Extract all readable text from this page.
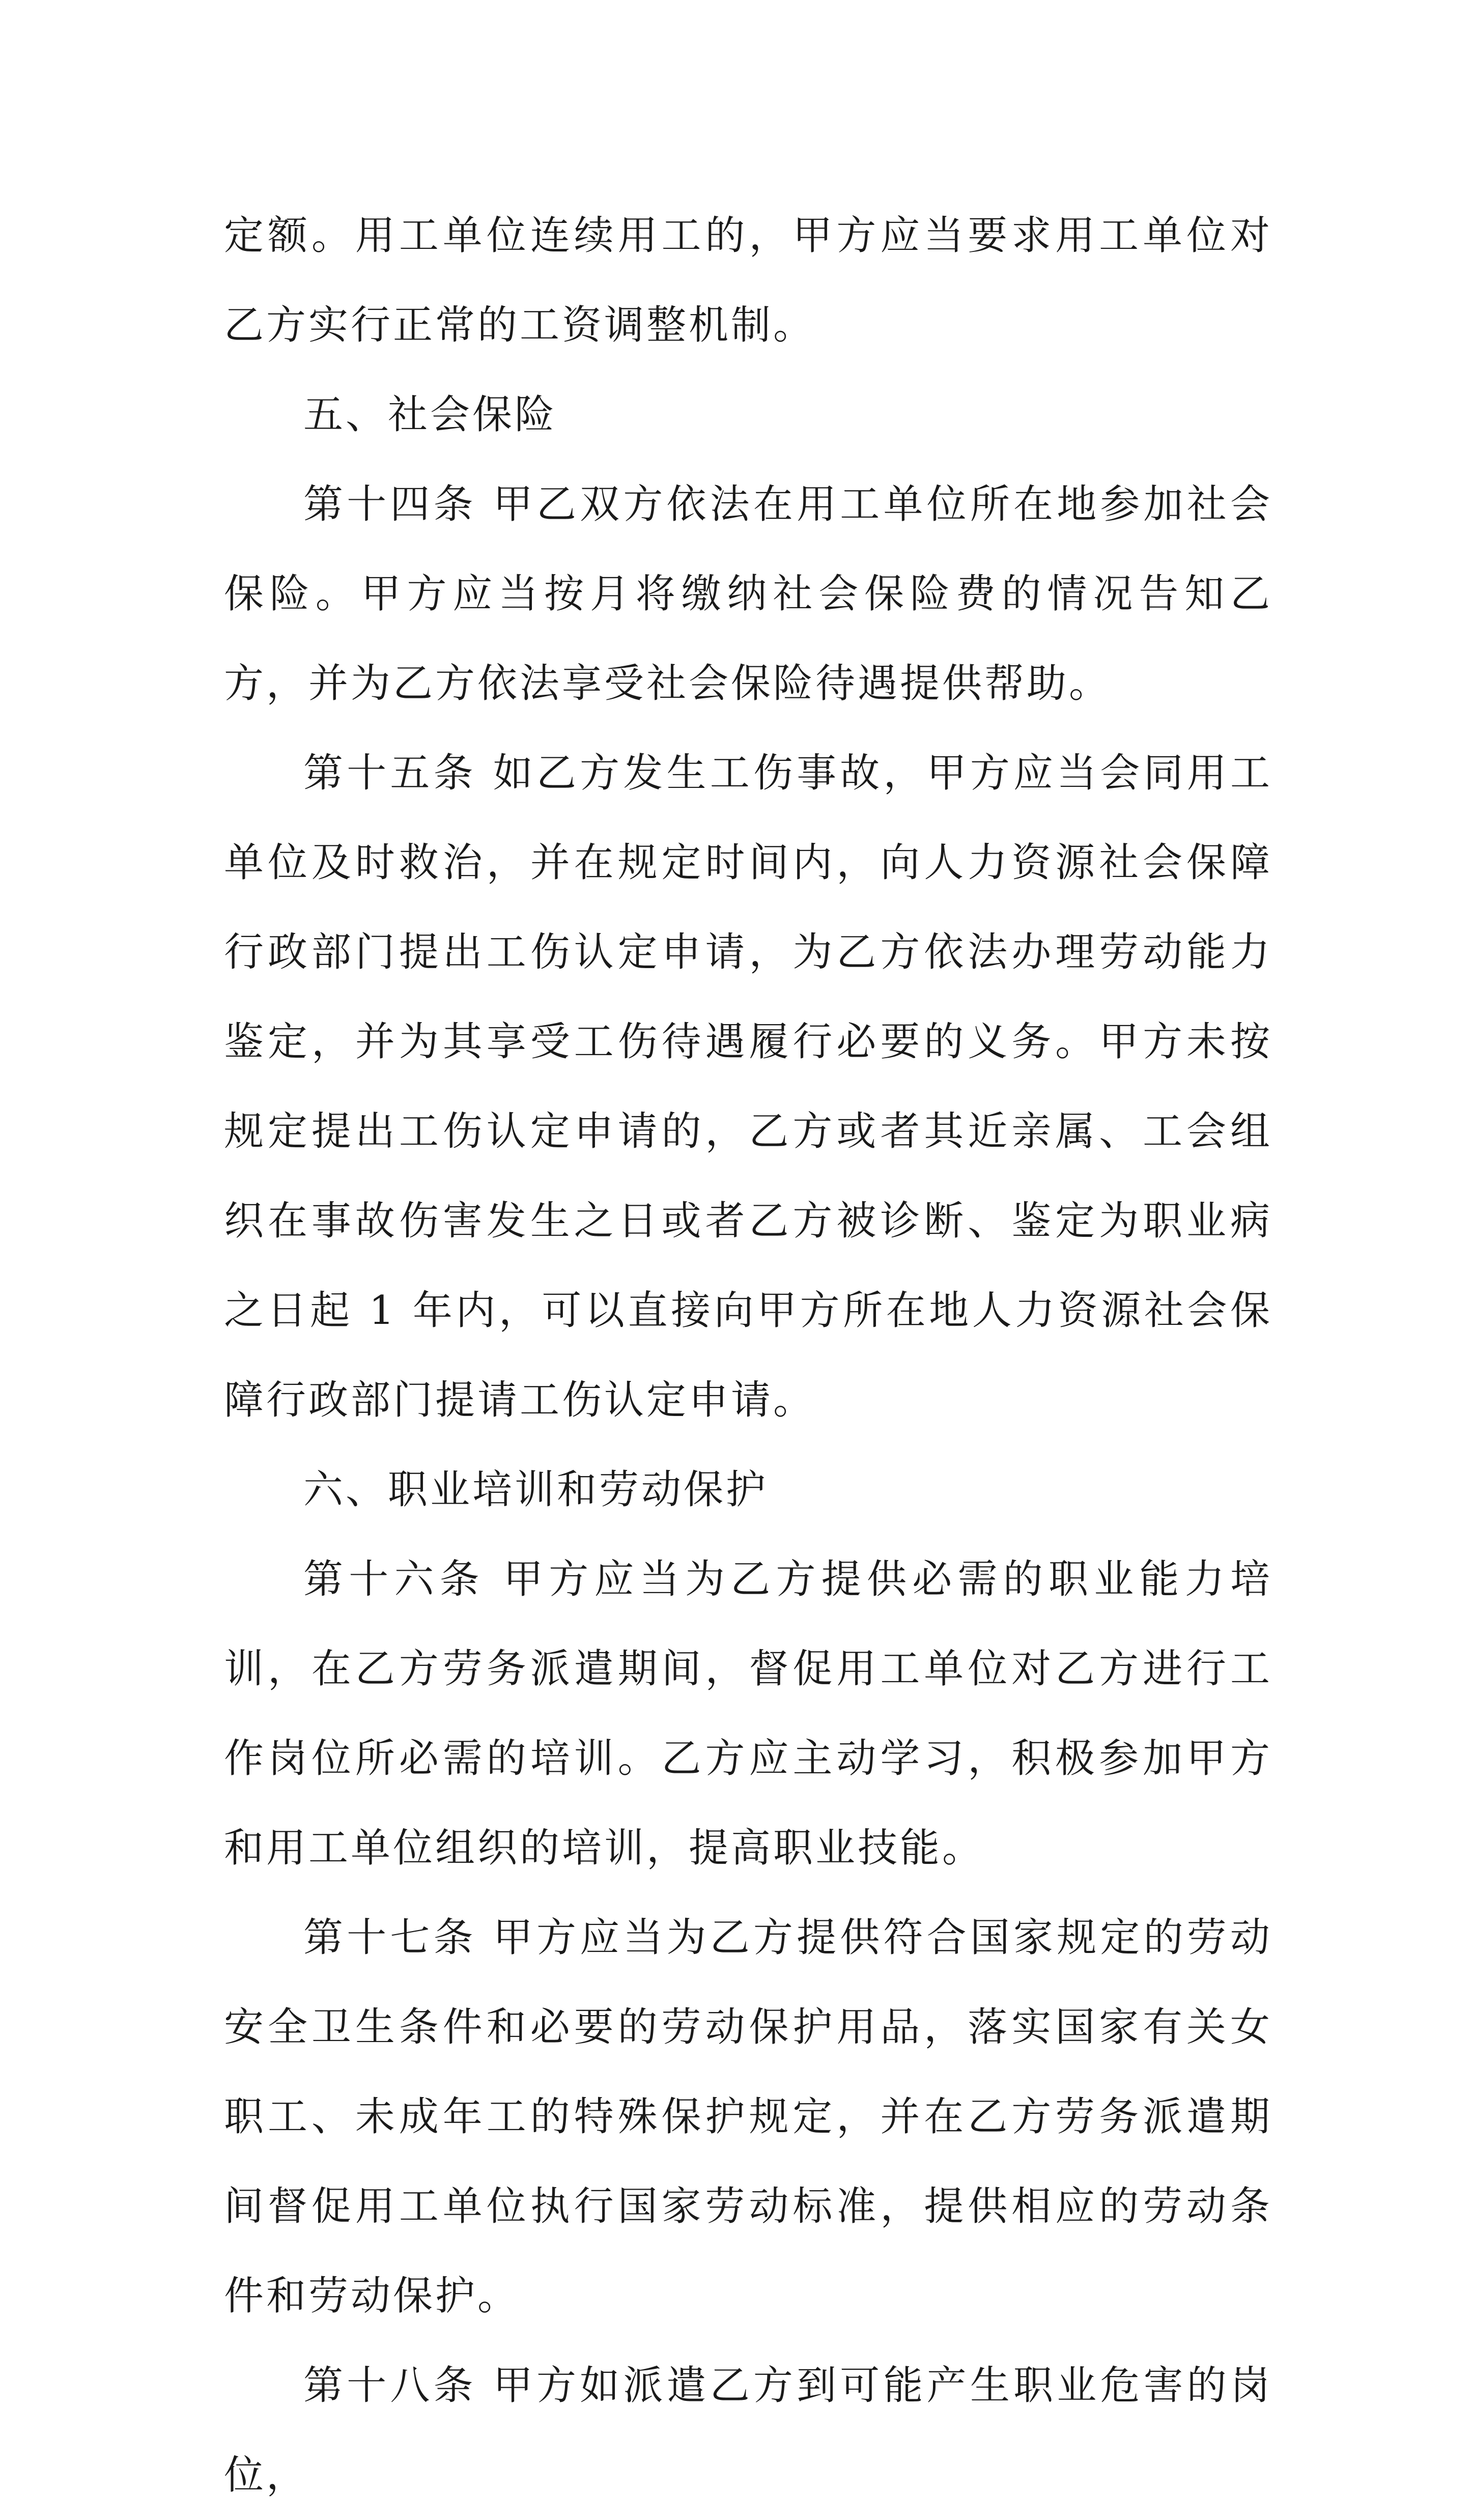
定额。用工单位连续用工的，甲方应当要求用工单位对乙方实行正常的工资调整机制。

五、社会保险

第十四条 甲乙双方依法在用工单位所在地参加社会保险。甲方应当按月将缴纳社会保险费的情况告知乙方，并为乙方依法享受社会保险待遇提供帮助。

第十五条 如乙方发生工伤事故，甲方应当会同用工单位及时救治，并在规定时间内，向人力资源社会保障行政部门提出工伤认定申请，为乙方依法办理劳动能力鉴定，并为其享受工伤待遇履行必要的义务。甲方未按规定提出工伤认定申请的，乙方或者其近亲属、工会组织在事故伤害发生之日或者乙方被诊断、鉴定为职业病之日起 1 年内，可以直接向甲方所在地人力资源社会保障行政部门提请工伤认定申请。

六、职业培训和劳动保护

第十六条 甲方应当为乙方提供必需的职业能力培训，在乙方劳务派遣期间，督促用工单位对乙方进行工作岗位所必需的培训。乙方应主动学习，积极参加甲方和用工单位组织的培训，提高职业技能。

第十七条 甲方应当为乙方提供符合国家规定的劳动安全卫生条件和必要的劳动保护用品，落实国家有关女职工、未成年工的特殊保护规定，并在乙方劳务派遣期间督促用工单位执行国家劳动标准，提供相应的劳动条件和劳动保护。

第十八条 甲方如派遣乙方到可能产生职业危害的岗位，
